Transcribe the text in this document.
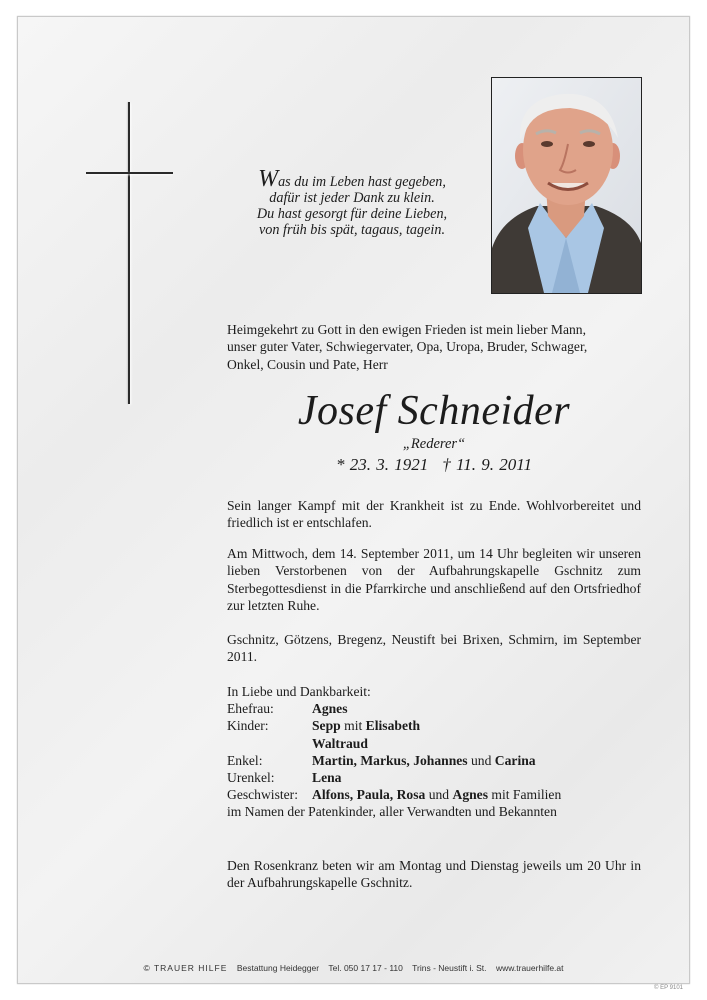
Was du im Leben hast gegeben,
dafür ist jeder Dank zu klein.
Du hast gesorgt für deine Lieben,
von früh bis spät, tagaus, tagein.
Heimgekehrt zu Gott in den ewigen Frieden ist mein lieber Mann,
unser guter Vater, Schwiegervater, Opa, Uropa, Bruder, Schwager,
Onkel, Cousin und Pate, Herr
Josef Schneider
„Rederer“
* 23. 3. 1921 † 11. 9. 2011
Sein langer Kampf mit der Krankheit ist zu Ende. Wohlvorbereitet und friedlich ist er entschlafen.
Am Mittwoch, dem 14. September 2011, um 14 Uhr begleiten wir unseren lieben Verstorbenen von der Aufbahrungskapelle Gschnitz zum Sterbegottesdienst in die Pfarrkirche und anschließend auf den Ortsfriedhof zur letzten Ruhe.
Gschnitz, Götzens, Bregenz, Neustift bei Brixen, Schmirn, im September 2011.
In Liebe und Dankbarkeit:
Ehefrau:	Agnes
Kinder:	Sepp mit Elisabeth
Waltraud
Enkel:	Martin, Markus, Johannes und Carina
Urenkel:	Lena
Geschwister:	Alfons, Paula, Rosa und Agnes mit Familien
im Namen der Patenkinder, aller Verwandten und Bekannten
Den Rosenkranz beten wir am Montag und Dienstag jeweils um 20 Uhr in der Aufbahrungskapelle Gschnitz.
© TRAUER HILFE Bestattung Heidegger Tel. 050 17 17 - 110 Trins - Neustift i. St. www.trauerhilfe.at
© EP 9101
